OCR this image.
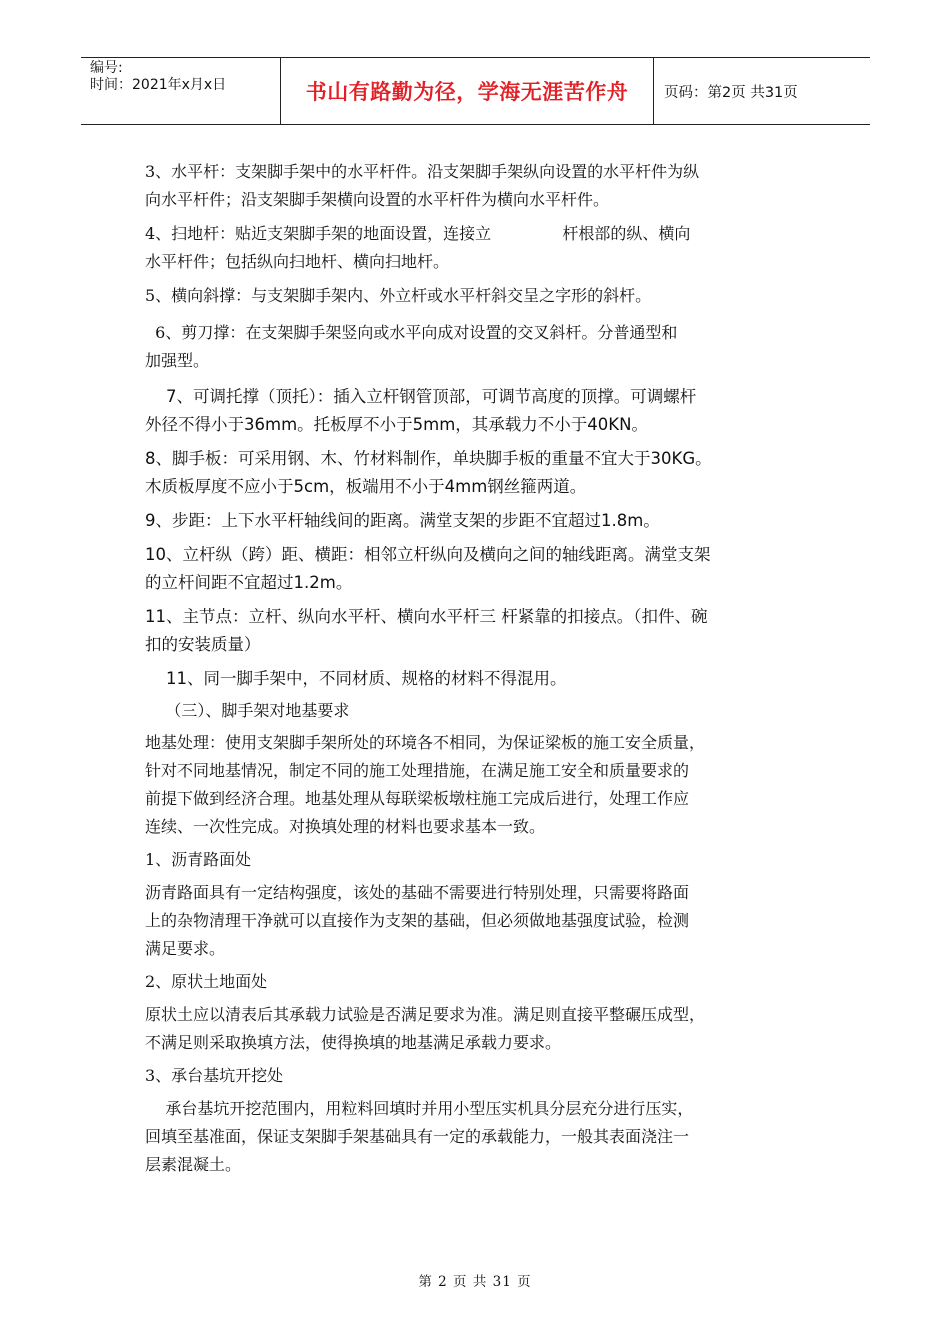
编号:
时间：2021年x月x日	书山有路勤为径，学海无涯苦作舟	页码：第2页 共31页

3、水平杆：支架脚手架中的水平杆件。沿支架脚手架纵向设置的水平杆件为纵

向水平杆件；沿支架脚手架横向设置的水平杆件为横向水平杆件。

4、扫地杆：贴近支架脚手架的地面设置，连接立              杆根部的纵、横向

水平杆件；包括纵向扫地杆、横向扫地杆。

5、横向斜撑：与支架脚手架内、外立杆或水平杆斜交呈之字形的斜杆。

6、剪刀撑：在支架脚手架竖向或水平向成对设置的交叉斜杆。分普通型和

加强型。

7、可调托撑（顶托）：插入立杆钢管顶部，可调节高度的顶撑。可调螺杆

外径不得小于36mm。托板厚不小于5mm，其承载力不小于40KN。

8、脚手板：可采用钢、木、竹材料制作，单块脚手板的重量不宜大于30KG。

木质板厚度不应小于5cm，板端用不小于4mm钢丝箍两道。

9、步距：上下水平杆轴线间的距离。满堂支架的步距不宜超过1.8m。

10、立杆纵（跨）距、横距：相邻立杆纵向及横向之间的轴线距离。满堂支架

的立杆间距不宜超过1.2m。

11、主节点：立杆、纵向水平杆、横向水平杆三 杆紧靠的扣接点。（扣件、碗

扣的安装质量）

11、同一脚手架中，不同材质、规格的材料不得混用。

（三）、脚手架对地基要求

地基处理：使用支架脚手架所处的环境各不相同，为保证梁板的施工安全质量，

针对不同地基情况，制定不同的施工处理措施，在满足施工安全和质量要求的

前提下做到经济合理。地基处理从每联梁板墩柱施工完成后进行，处理工作应

连续、一次性完成。对换填处理的材料也要求基本一致。

1、沥青路面处

沥青路面具有一定结构强度，该处的基础不需要进行特别处理，只需要将路面

上的杂物清理干净就可以直接作为支架的基础，但必须做地基强度试验，检测

满足要求。

2、原状土地面处

原状土应以清表后其承载力试验是否满足要求为准。满足则直接平整碾压成型，

不满足则采取换填方法，使得换填的地基满足承载力要求。

3、承台基坑开挖处

承台基坑开挖范围内，用粒料回填时并用小型压实机具分层充分进行压实，

回填至基准面，保证支架脚手架基础具有一定的承载能力，一般其表面浇注一

层素混凝土。

第 2 页 共 31 页
